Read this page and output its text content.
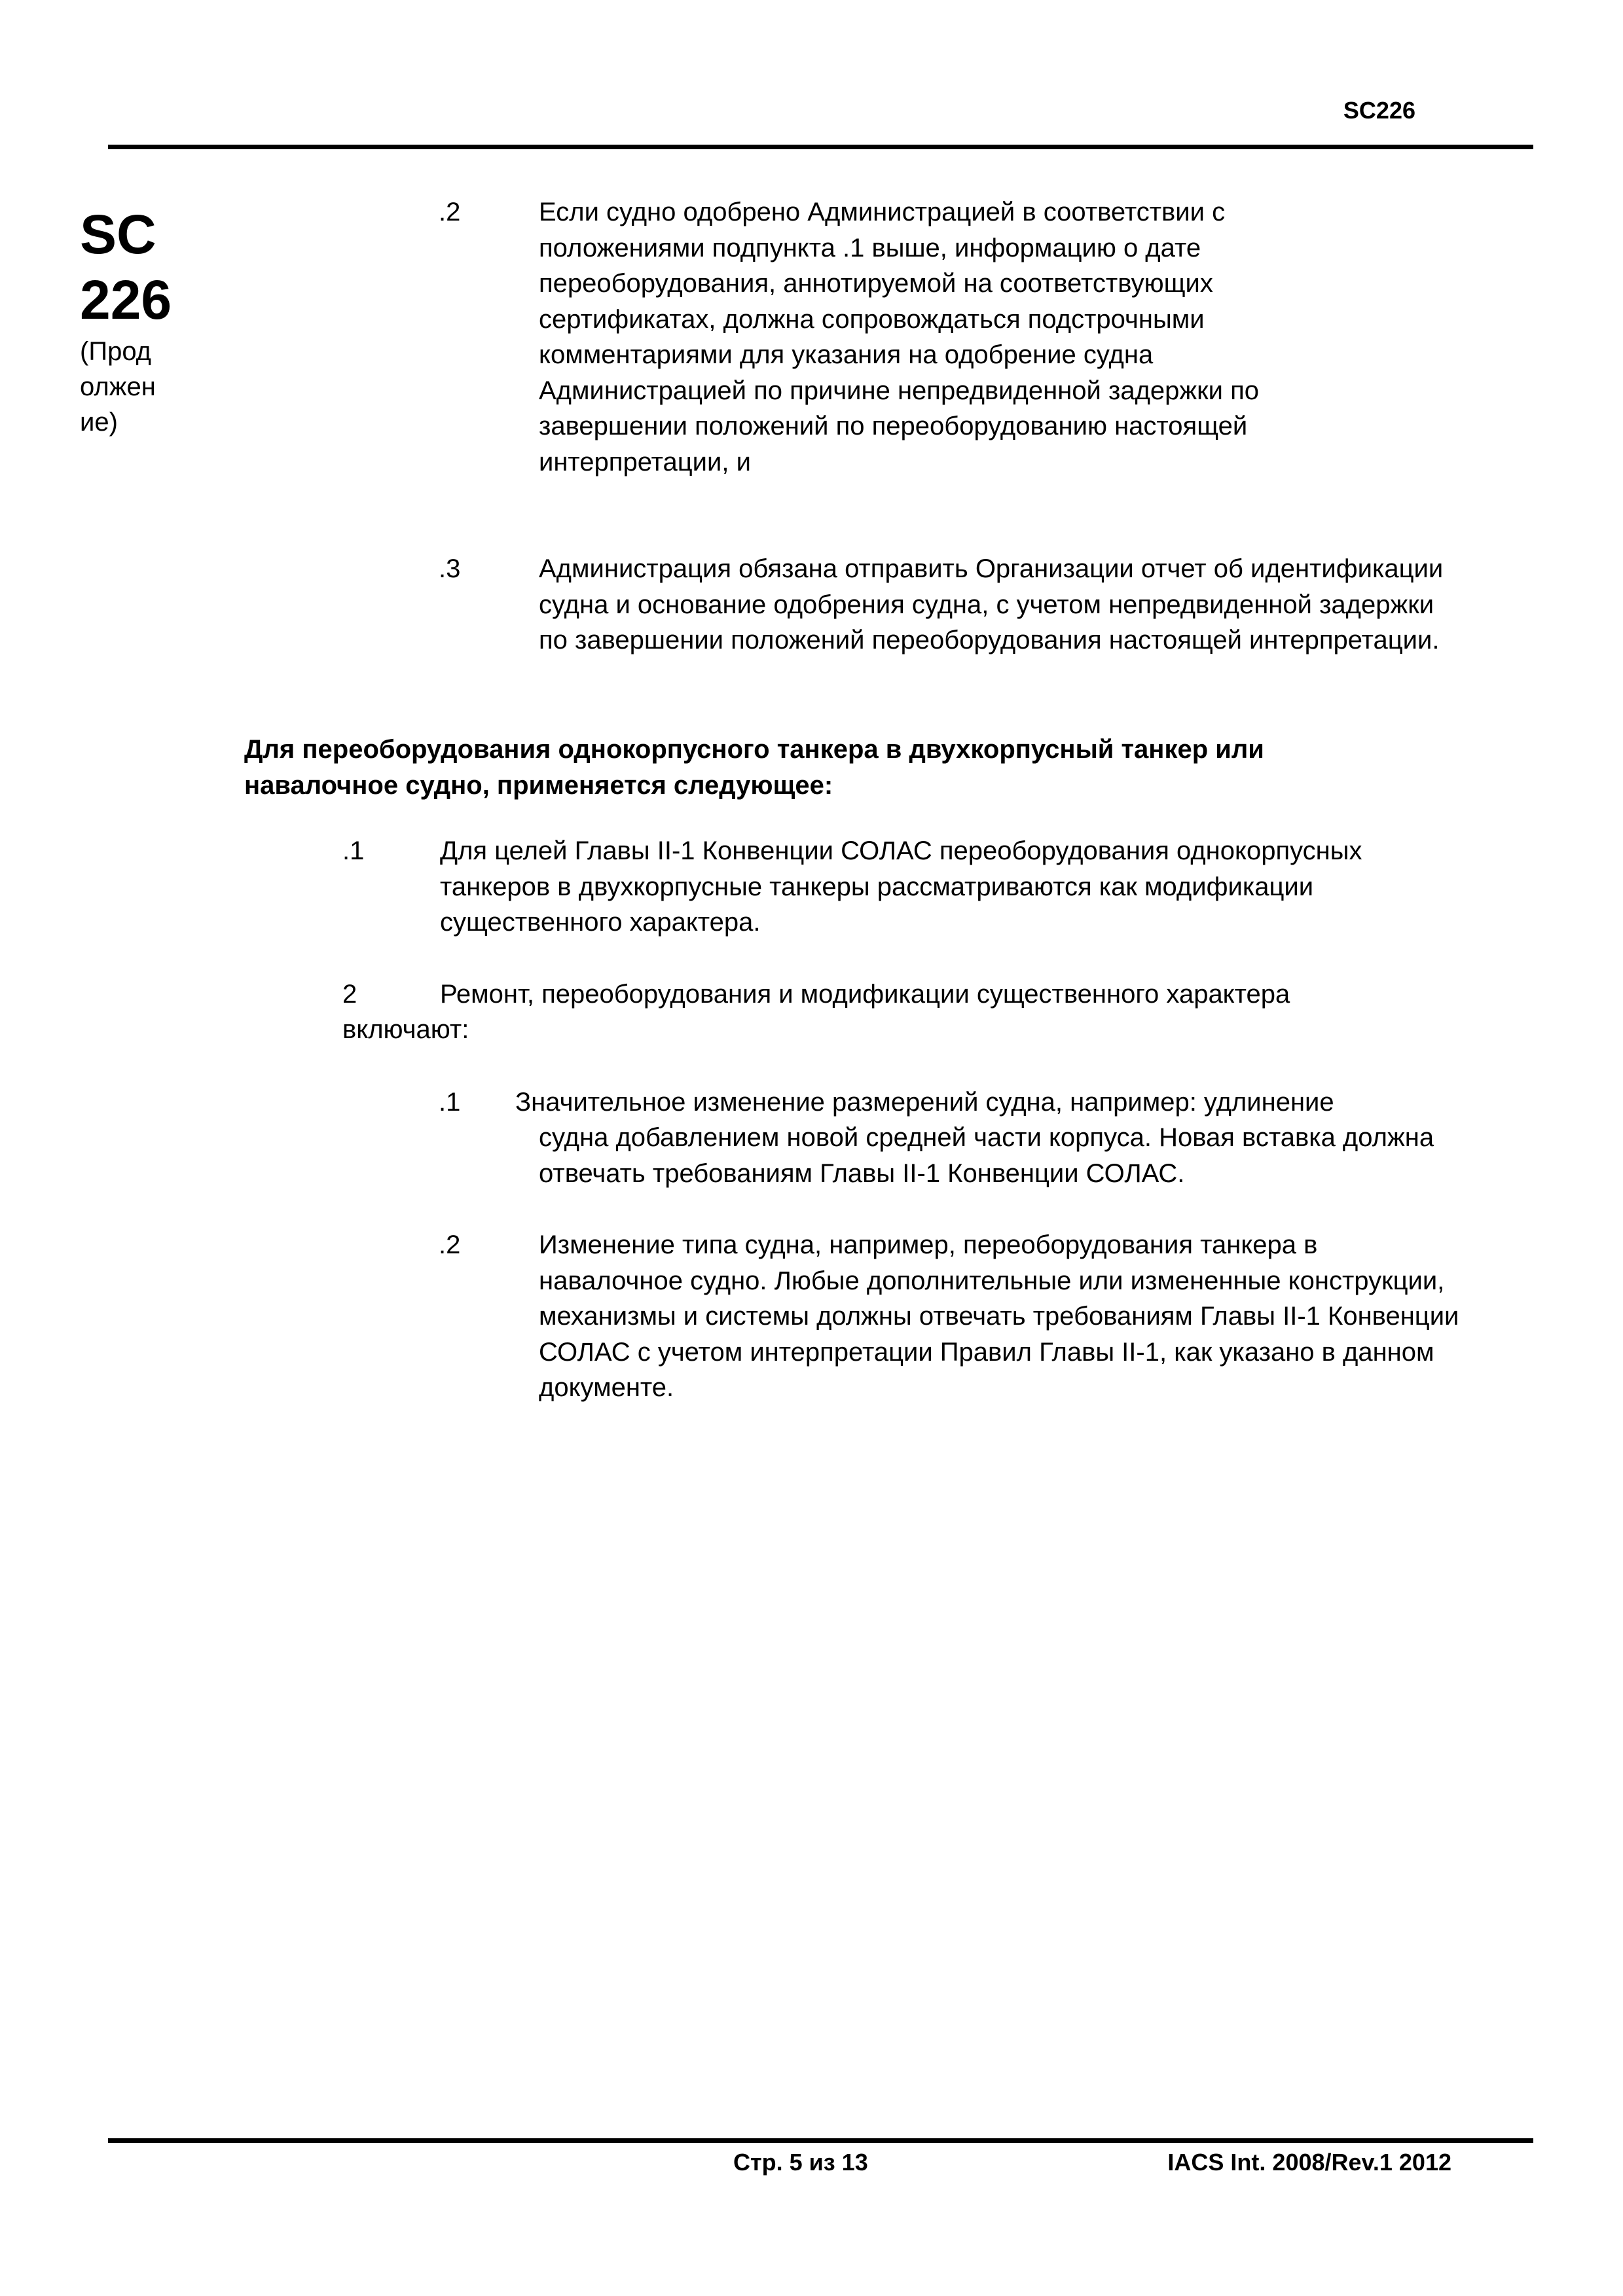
SC226
SC
226
(Прод
олжен
ие)
.2	Если судно одобрено Администрацией в соответствии с положениями подпункта .1 выше, информацию о дате переоборудования, аннотируемой на соответствующих сертификатах, должна сопровождаться подстрочными комментариями для указания на одобрение судна Администрацией по причине непредвиденной задержки по завершении положений по переоборудованию настоящей интерпретации, и
.3	Администрация обязана отправить Организации отчет об идентификации судна и основание одобрения судна, с учетом непредвиденной задержки по завершении положений переоборудования настоящей интерпретации.
Для переоборудования однокорпусного танкера в двухкорпусный танкер или навалочное судно, применяется следующее:
.1	Для целей Главы II-1 Конвенции СОЛАС переоборудования однокорпусных танкеров в двухкорпусные танкеры рассматриваются как модификации существенного характера.
2	Ремонт, переоборудования и модификации существенного характера
включают:
.1 Значительное изменение размерений судна, например: удлинение
судна добавлением новой средней части корпуса. Новая вставка должна отвечать требованиям Главы II-1 Конвенции СОЛАС.
.2	Изменение типа судна, например, переоборудования танкера в навалочное судно. Любые дополнительные или измененные конструкции, механизмы и системы должны отвечать требованиям Главы II-1 Конвенции СОЛАС с учетом интерпретации Правил Главы II-1, как указано в данном документе.
Стр. 5 из 13	IACS Int. 2008/Rev.1 2012
